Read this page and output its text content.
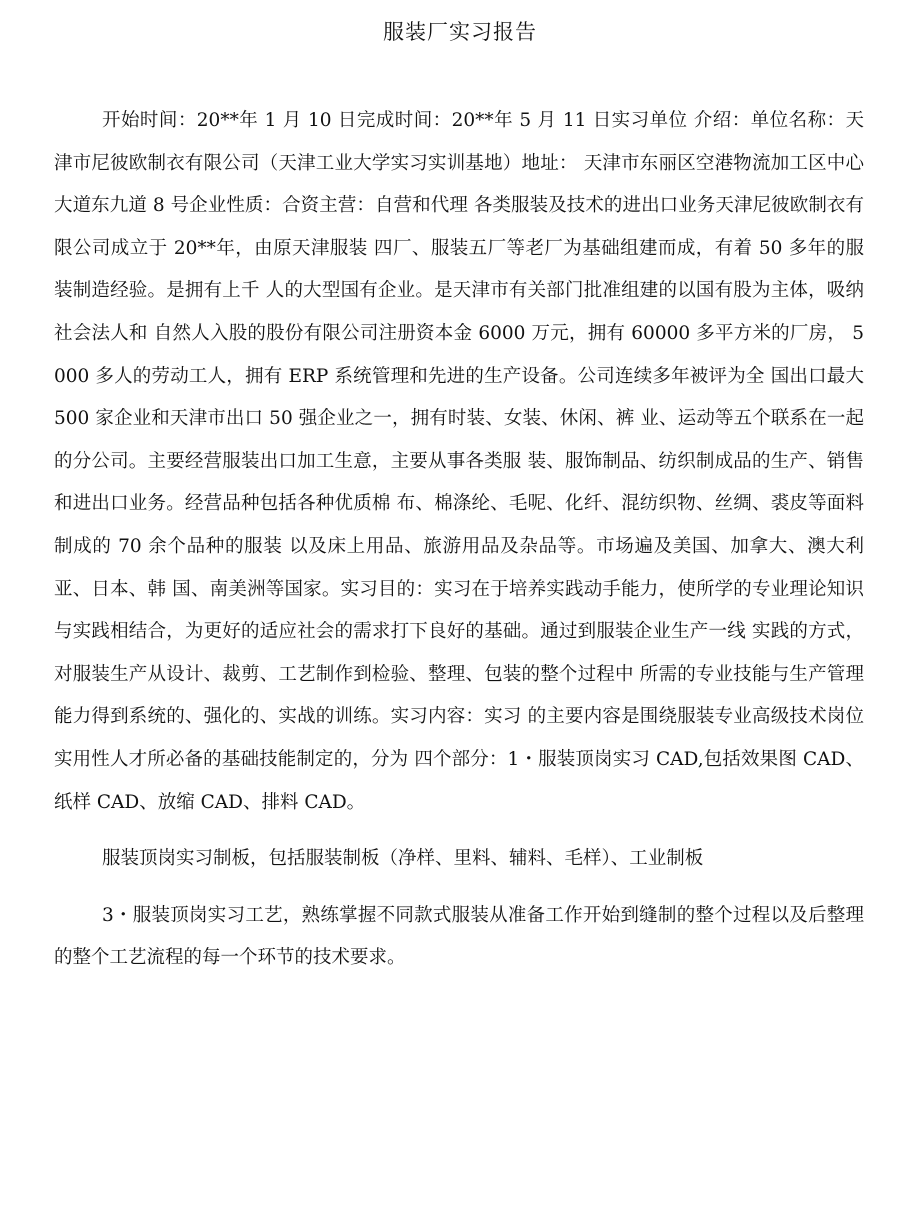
服装厂实习报告

开始时间：20**年 1 月 10 日完成时间：20**年 5 月 11 日实习单位 介绍：单位名称：天津市尼彼欧制衣有限公司（天津工业大学实习实训基地）地址： 天津市东丽区空港物流加工区中心大道东九道 8 号企业性质：合资主营：自营和代理 各类服装及技术的进出口业务天津尼彼欧制衣有限公司成立于 20**年，由原天津服装 四厂、服装五厂等老厂为基础组建而成，有着 50 多年的服装制造经验。是拥有上千 人的大型国有企业。是天津市有关部门批准组建的以国有股为主体，吸纳社会法人和 自然人入股的股份有限公司注册资本金 6000 万元，拥有 60000 多平方米的厂房， 5000 多人的劳动工人，拥有 ERP 系统管理和先进的生产设备。公司连续多年被评为全 国出口最大 500 家企业和天津市出口 50 强企业之一，拥有时装、女装、休闲、裤 业、运动等五个联系在一起的分公司。主要经营服装出口加工生意，主要从事各类服 装、服饰制品、纺织制成品的生产、销售和进出口业务。经营品种包括各种优质棉 布、棉涤纶、毛呢、化纤、混纺织物、丝绸、裘皮等面料制成的 70 余个品种的服装 以及床上用品、旅游用品及杂品等。市场遍及美国、加拿大、澳大利亚、日本、韩 国、南美洲等国家。实习目的：实习在于培养实践动手能力，使所学的专业理论知识 与实践相结合，为更好的适应社会的需求打下良好的基础。通过到服装企业生产一线 实践的方式，对服装生产从设计、裁剪、工艺制作到检验、整理、包装的整个过程中 所需的专业技能与生产管理能力得到系统的、强化的、实战的训练。实习内容：实习 的主要内容是围绕服装专业高级技术岗位实用性人才所必备的基础技能制定的，分为 四个部分：1・服装顶岗实习 CAD,包括效果图 CAD、纸样 CAD、放缩 CAD、排料 CAD。

服装顶岗实习制板，包括服装制板（净样、里料、辅料、毛样）、工业制板

3・服装顶岗实习工艺，熟练掌握不同款式服装从准备工作开始到缝制的整个过程以及后整理的整个工艺流程的每一个环节的技术要求。
